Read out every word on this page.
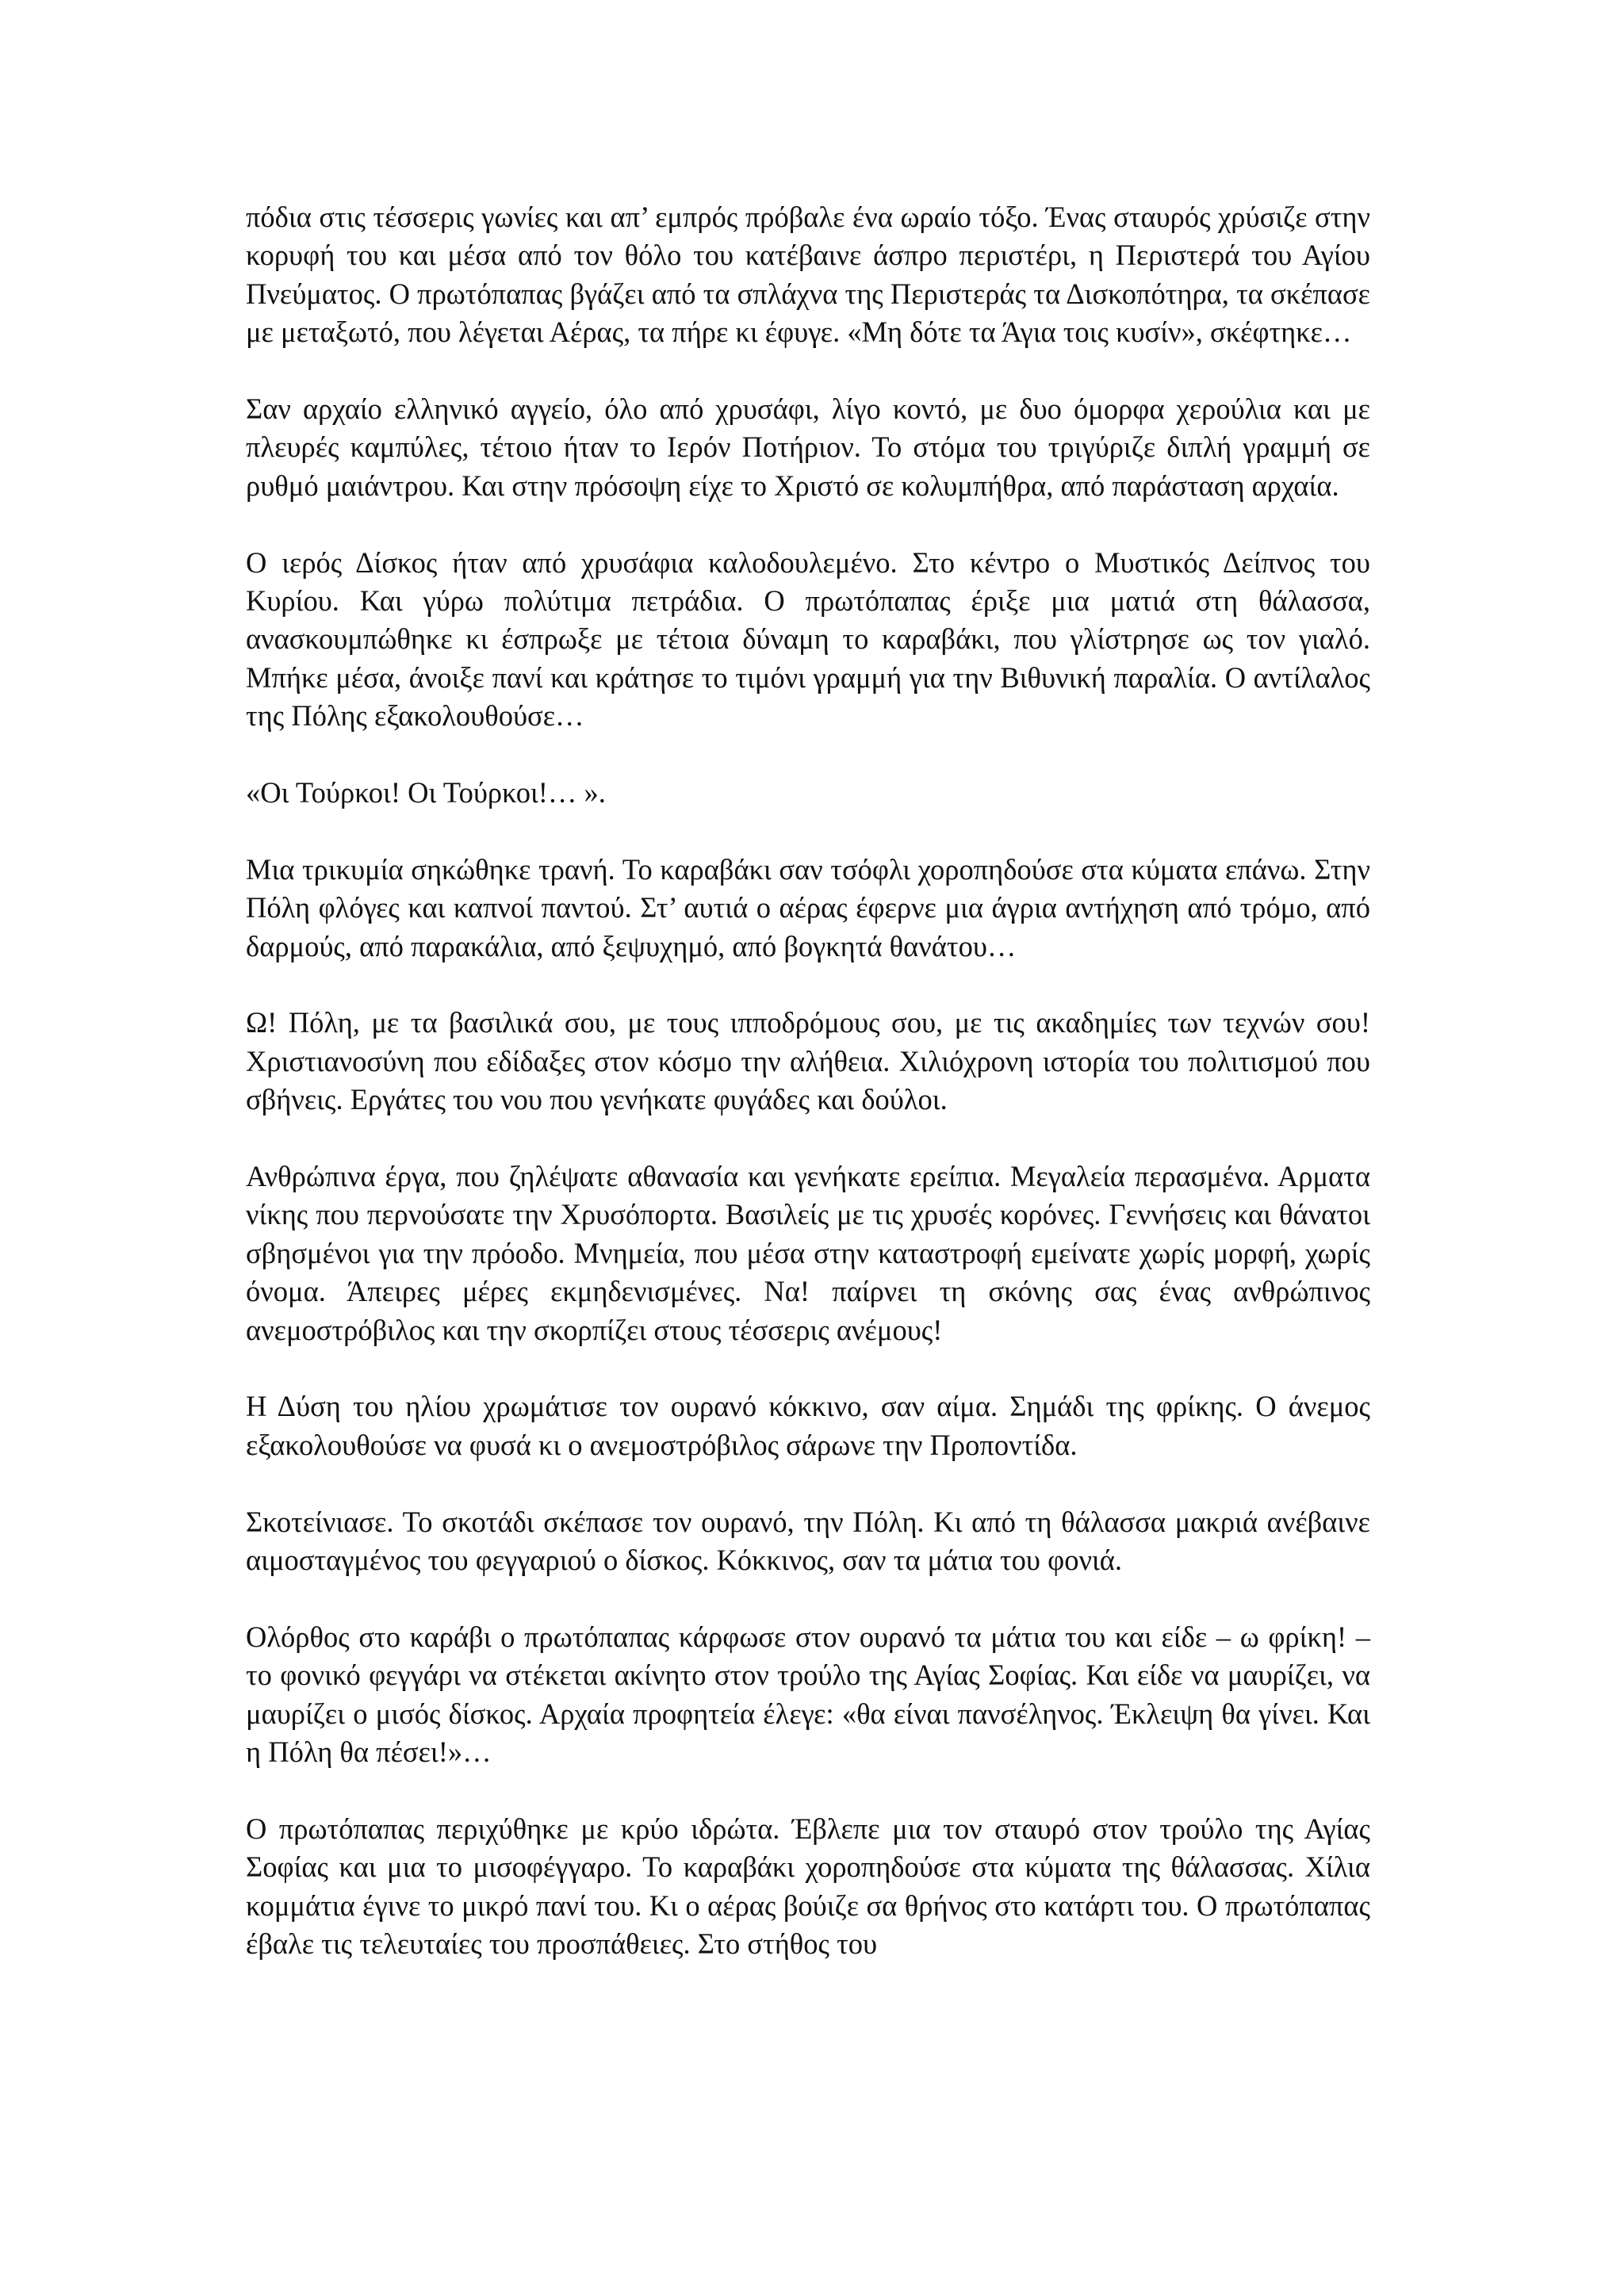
πόδια στις τέσσερις γωνίες και απ’ εμπρός πρόβαλε ένα ωραίο τόξο. Ένας σταυρός χρύσιζε στην κορυφή του και μέσα από τον θόλο του κατέβαινε άσπρο περιστέρι, η Περιστερά του Αγίου Πνεύματος. Ο πρωτόπαπας βγάζει από τα σπλάχνα της Περιστεράς τα Δισκοπότηρα, τα σκέπασε με μεταξωτό, που λέγεται Αέρας, τα πήρε κι έφυγε. «Μη δότε τα Άγια τοις κυσίν», σκέφτηκε…

Σαν αρχαίο ελληνικό αγγείο, όλο από χρυσάφι, λίγο κοντό, με δυο όμορφα χερούλια και με πλευρές καμπύλες, τέτοιο ήταν το Ιερόν Ποτήριον. Το στόμα του τριγύριζε διπλή γραμμή σε ρυθμό μαιάντρου. Και στην πρόσοψη είχε το Χριστό σε κολυμπήθρα, από παράσταση αρχαία.

Ο ιερός Δίσκος ήταν από χρυσάφια καλοδουλεμένο. Στο κέντρο ο Μυστικός Δείπνος του Κυρίου. Και γύρω πολύτιμα πετράδια. Ο πρωτόπαπας έριξε μια ματιά στη θάλασσα, ανασκουμπώθηκε κι έσπρωξε με τέτοια δύναμη το καραβάκι, που γλίστρησε ως τον γιαλό. Μπήκε μέσα, άνοιξε πανί και κράτησε το τιμόνι γραμμή για την Βιθυνική παραλία. Ο αντίλαλος της Πόλης εξακολουθούσε…

«Οι Τούρκοι! Οι Τούρκοι!… ».

Μια τρικυμία σηκώθηκε τρανή. Το καραβάκι σαν τσόφλι χοροπηδούσε στα κύματα επάνω. Στην Πόλη φλόγες και καπνοί παντού. Στ’ αυτιά ο αέρας έφερνε μια άγρια αντήχηση από τρόμο, από δαρμούς, από παρακάλια, από ξεψυχημό, από βογκητά θανάτου…

Ω! Πόλη, με τα βασιλικά σου, με τους ιπποδρόμους σου, με τις ακαδημίες των τεχνών σου! Χριστιανοσύνη που εδίδαξες στον κόσμο την αλήθεια. Χιλιόχρονη ιστορία του πολιτισμού που σβήνεις. Εργάτες του νου που γενήκατε φυγάδες και δούλοι.

Ανθρώπινα έργα, που ζηλέψατε αθανασία και γενήκατε ερείπια. Μεγαλεία περασμένα. Αρματα νίκης που περνούσατε την Χρυσόπορτα. Βασιλείς με τις χρυσές κορόνες. Γεννήσεις και θάνατοι σβησμένοι για την πρόοδο. Μνημεία, που μέσα στην καταστροφή εμείνατε χωρίς μορφή, χωρίς όνομα. Άπειρες μέρες εκμηδενισμένες. Να! παίρνει τη σκόνης σας ένας ανθρώπινος ανεμοστρόβιλος και την σκορπίζει στους τέσσερις ανέμους!

Η Δύση του ηλίου χρωμάτισε τον ουρανό κόκκινο, σαν αίμα. Σημάδι της φρίκης. Ο άνεμος εξακολουθούσε να φυσά κι ο ανεμοστρόβιλος σάρωνε την Προποντίδα.

Σκοτείνιασε. Το σκοτάδι σκέπασε τον ουρανό, την Πόλη. Κι από τη θάλασσα μακριά ανέβαινε αιμοσταγμένος του φεγγαριού ο δίσκος. Κόκκινος, σαν τα μάτια του φονιά.

Ολόρθος στο καράβι ο πρωτόπαπας κάρφωσε στον ουρανό τα μάτια του και είδε – ω φρίκη! – το φονικό φεγγάρι να στέκεται ακίνητο στον τρούλο της Αγίας Σοφίας. Και είδε να μαυρίζει, να μαυρίζει ο μισός δίσκος. Αρχαία προφητεία έλεγε: «θα είναι πανσέληνος. Έκλειψη θα γίνει. Και η Πόλη θα πέσει!»…

Ο πρωτόπαπας περιχύθηκε με κρύο ιδρώτα. Έβλεπε μια τον σταυρό στον τρούλο της Αγίας Σοφίας και μια το μισοφέγγαρο. Το καραβάκι χοροπηδούσε στα κύματα της θάλασσας. Χίλια κομμάτια έγινε το μικρό πανί του. Κι ο αέρας βούιζε σα θρήνος στο κατάρτι του. Ο πρωτόπαπας έβαλε τις τελευταίες του προσπάθειες. Στο στήθος του
